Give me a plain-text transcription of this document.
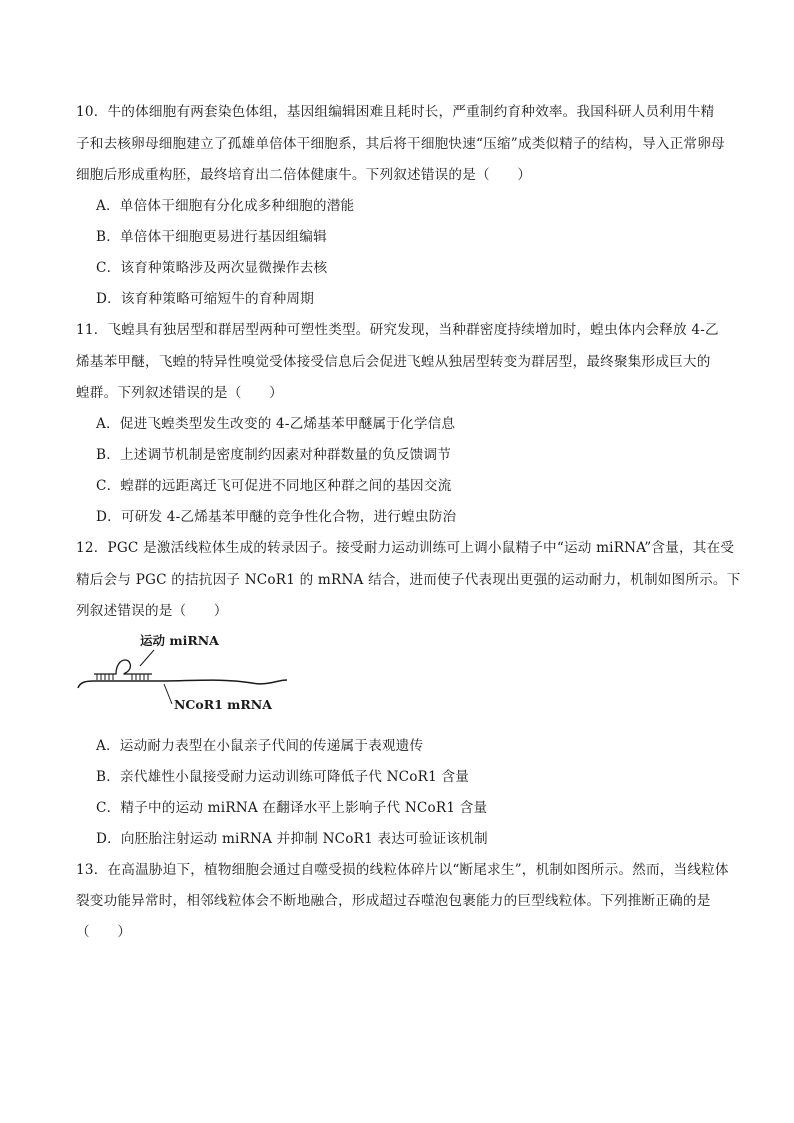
10．牛的体细胞有两套染色体组，基因组编辑困难且耗时长，严重制约育种效率。我国科研人员利用牛精
子和去核卵母细胞建立了孤雄单倍体干细胞系，其后将干细胞快速“压缩”成类似精子的结构，导入正常卵母
细胞后形成重构胚，最终培育出二倍体健康牛。下列叙述错误的是（　　）
A．单倍体干细胞有分化成多种细胞的潜能
B．单倍体干细胞更易进行基因组编辑
C．该育种策略涉及两次显微操作去核
D．该育种策略可缩短牛的育种周期
11．飞蝗具有独居型和群居型两种可塑性类型。研究发现，当种群密度持续增加时，蝗虫体内会释放 4-乙
烯基苯甲醚，飞蝗的特异性嗅觉受体接受信息后会促进飞蝗从独居型转变为群居型，最终聚集形成巨大的
蝗群。下列叙述错误的是（　　）
A．促进飞蝗类型发生改变的 4-乙烯基苯甲醚属于化学信息
B．上述调节机制是密度制约因素对种群数量的负反馈调节
C．蝗群的远距离迁飞可促进不同地区种群之间的基因交流
D．可研发 4-乙烯基苯甲醚的竞争性化合物，进行蝗虫防治
12．PGC 是激活线粒体生成的转录因子。接受耐力运动训练可上调小鼠精子中“运动 miRNA”含量，其在受
精后会与 PGC 的拮抗因子 NCoR1 的 mRNA 结合，进而使子代表现出更强的运动耐力，机制如图所示。下
列叙述错误的是（　　）
运动 miRNA
NCoR1 mRNA
A．运动耐力表型在小鼠亲子代间的传递属于表观遗传
B．亲代雄性小鼠接受耐力运动训练可降低子代 NCoR1 含量
C．精子中的运动 miRNA 在翻译水平上影响子代 NCoR1 含量
D．向胚胎注射运动 miRNA 并抑制 NCoR1 表达可验证该机制
13．在高温胁迫下，植物细胞会通过自噬受损的线粒体碎片以“断尾求生”，机制如图所示。然而，当线粒体
裂变功能异常时，相邻线粒体会不断地融合，形成超过吞噬泡包裹能力的巨型线粒体。下列推断正确的是
（　　）
